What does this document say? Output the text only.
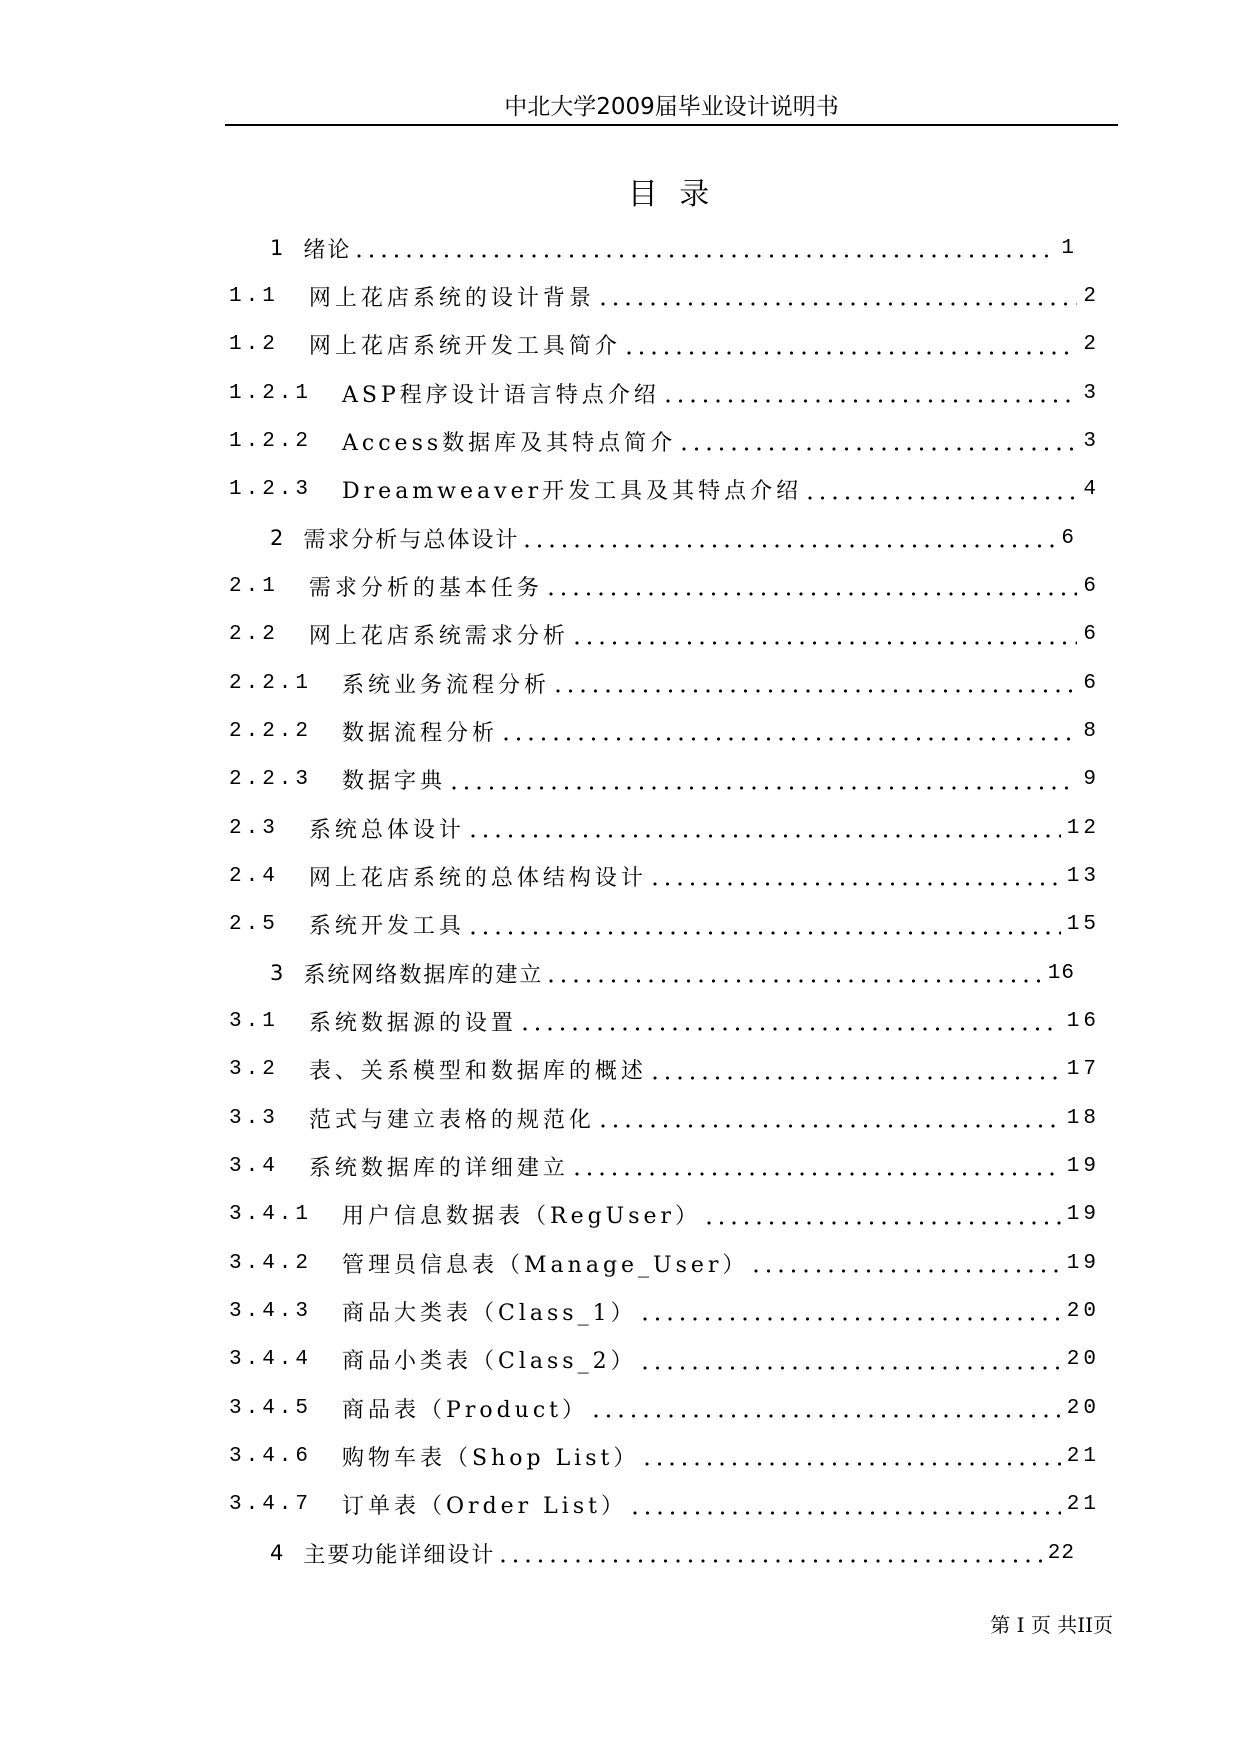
中北大学2009届毕业设计说明书
目 录
1 绪论	1
1.1 网上花店系统的设计背景	2
1.2 网上花店系统开发工具简介	2
1.2.1 ASP程序设计语言特点介绍	3
1.2.2 Access数据库及其特点简介	3
1.2.3 Dreamweaver开发工具及其特点介绍	4
2 需求分析与总体设计	6
2.1 需求分析的基本任务	6
2.2 网上花店系统需求分析	6
2.2.1 系统业务流程分析	6
2.2.2 数据流程分析	8
2.2.3 数据字典	9
2.3 系统总体设计	12
2.4 网上花店系统的总体结构设计	13
2.5 系统开发工具	15
3 系统网络数据库的建立	16
3.1 系统数据源的设置	16
3.2 表、关系模型和数据库的概述	17
3.3 范式与建立表格的规范化	18
3.4 系统数据库的详细建立	19
3.4.1 用户信息数据表（RegUser）	19
3.4.2 管理员信息表（Manage_User）	19
3.4.3 商品大类表（Class_1）	20
3.4.4 商品小类表（Class_2）	20
3.4.5 商品表（Product）	20
3.4.6 购物车表（Shop List）	21
3.4.7 订单表（Order List）	21
4 主要功能详细设计	22
第 I 页 共II页
